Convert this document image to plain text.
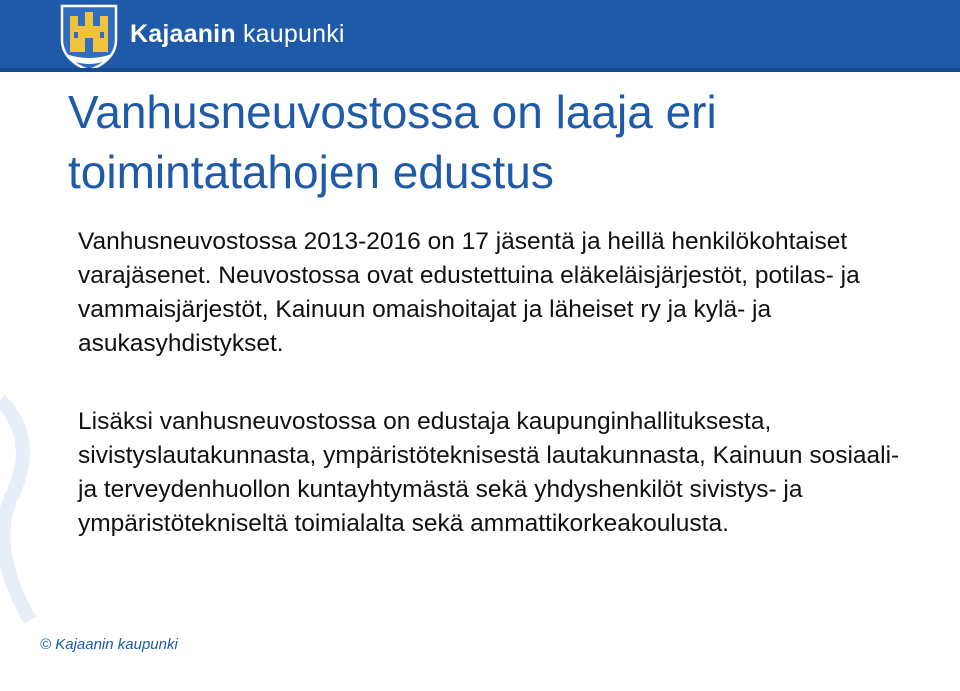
Kajaanin kaupunki
Vanhusneuvostossa on laaja eri toimintatahojen edustus

Vanhusneuvostossa 2013-2016 on 17 jäsentä ja heillä henkilökohtaiset varajäsenet. Neuvostossa ovat edustettuina eläkeläisjärjestöt, potilas- ja vammaisjärjestöt, Kainuun omaishoitajat ja läheiset ry ja kylä- ja asukasyhdistykset.

Lisäksi vanhusneuvostossa on edustaja kaupunginhallituksesta, sivistyslautakunnasta, ympäristöteknisestä lautakunnasta, Kainuun sosiaali- ja terveydenhuollon kuntayhtymästä sekä yhdyshenkilöt sivistys- ja ympäristötekniseltä toimialalta sekä ammattikorkeakoulusta.

© Kajaanin kaupunki
